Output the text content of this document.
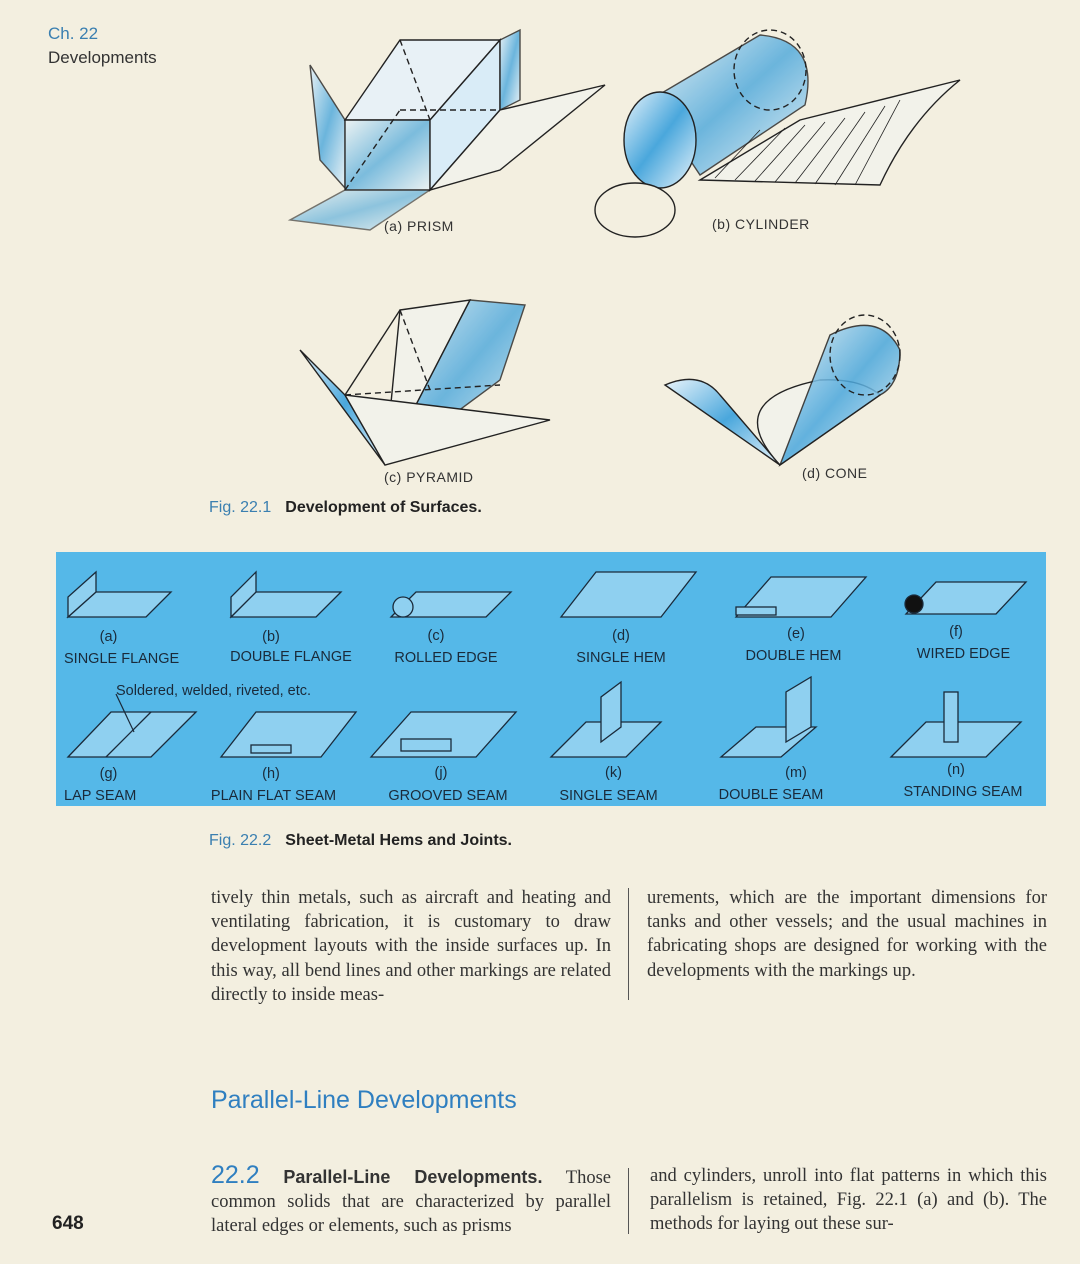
Ch. 22
Developments
(a) PRISM	(b) CYLINDER
(c) PYRAMID	(d) CONE
Fig. 22.1 Development of Surfaces.
(a)
SINGLE FLANGE
(b)
DOUBLE FLANGE
(c)
ROLLED EDGE
(d)
SINGLE HEM
(e)
DOUBLE HEM
(f)
WIRED EDGE
Soldered, welded, riveted, etc.
(g)
LAP SEAM
(h)
PLAIN FLAT SEAM
(j)
GROOVED SEAM
(k)
SINGLE SEAM
(m)
DOUBLE SEAM
(n)
STANDING SEAM
Fig. 22.2 Sheet-Metal Hems and Joints.
tively thin metals, such as aircraft and heating and ventilating fabrication, it is customary to draw development layouts with the inside surfaces up. In this way, all bend lines and other markings are related directly to inside meas-
urements, which are the important dimensions for tanks and other vessels; and the usual machines in fabricating shops are designed for working with the developments with the markings up.
Parallel-Line Developments
22.2 Parallel-Line Developments. Those common solids that are characterized by parallel lateral edges or elements, such as prisms
and cylinders, unroll into flat patterns in which this parallelism is retained, Fig. 22.1 (a) and (b). The methods for laying out these sur-
648
